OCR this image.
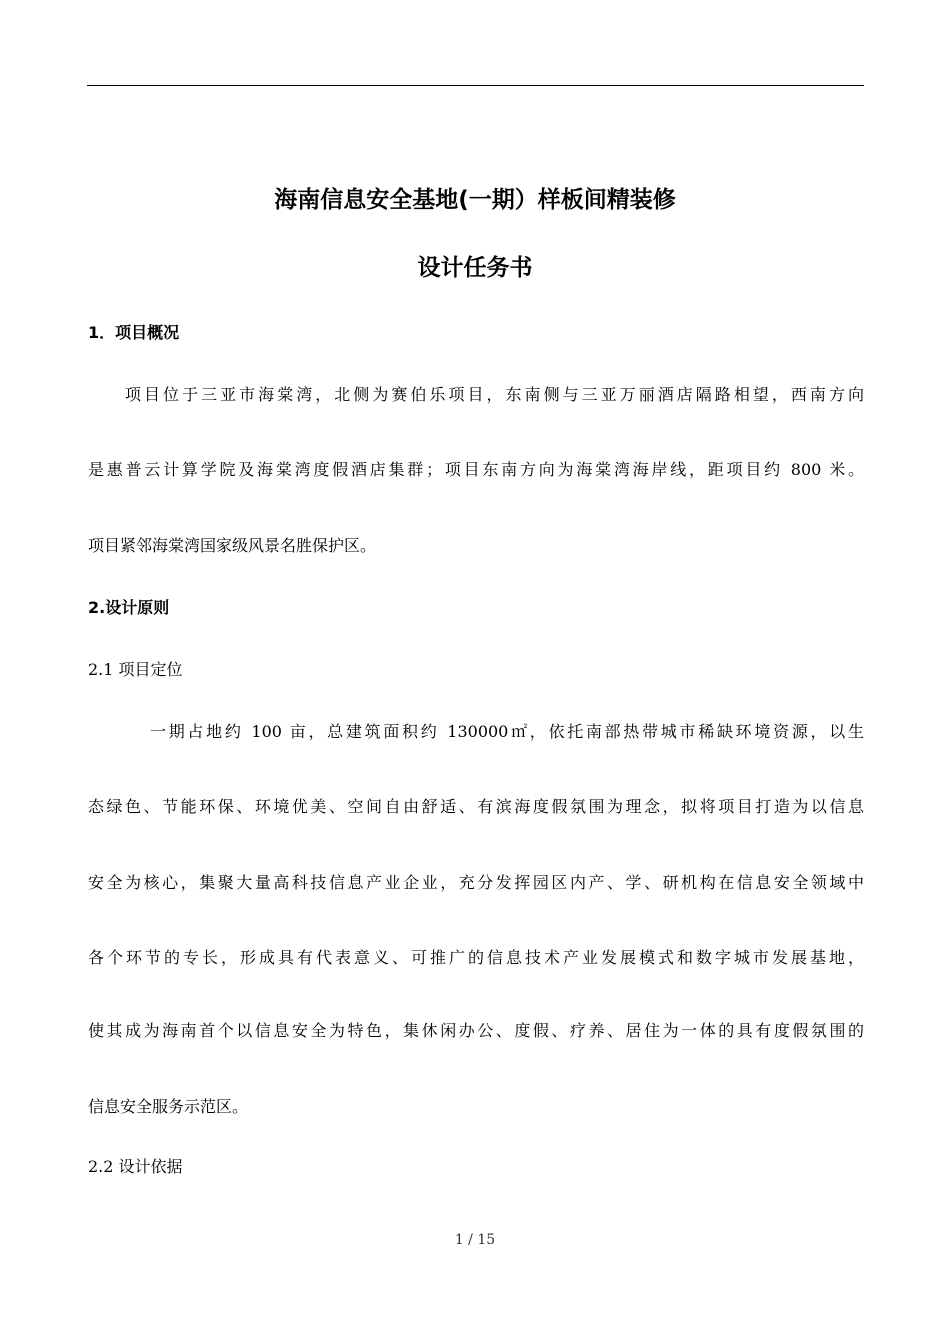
海南信息安全基地(一期）样板间精装修
设计任务书
1．项目概况
项目位于三亚市海棠湾，北侧为赛伯乐项目，东南侧与三亚万丽酒店隔路相望，西南方向
是惠普云计算学院及海棠湾度假酒店集群；项目东南方向为海棠湾海岸线，距项目约 800 米。
项目紧邻海棠湾国家级风景名胜保护区。
2.设计原则
2.1 项目定位
一期占地约 100 亩，总建筑面积约 130000㎡，依托南部热带城市稀缺环境资源，以生
态绿色、节能环保、环境优美、空间自由舒适、有滨海度假氛围为理念，拟将项目打造为以信息
安全为核心，集聚大量高科技信息产业企业，充分发挥园区内产、学、研机构在信息安全领域中
各个环节的专长，形成具有代表意义、可推广的信息技术产业发展模式和数字城市发展基地，
使其成为海南首个以信息安全为特色，集休闲办公、度假、疗养、居住为一体的具有度假氛围的
信息安全服务示范区。
2.2 设计依据
1 / 15
